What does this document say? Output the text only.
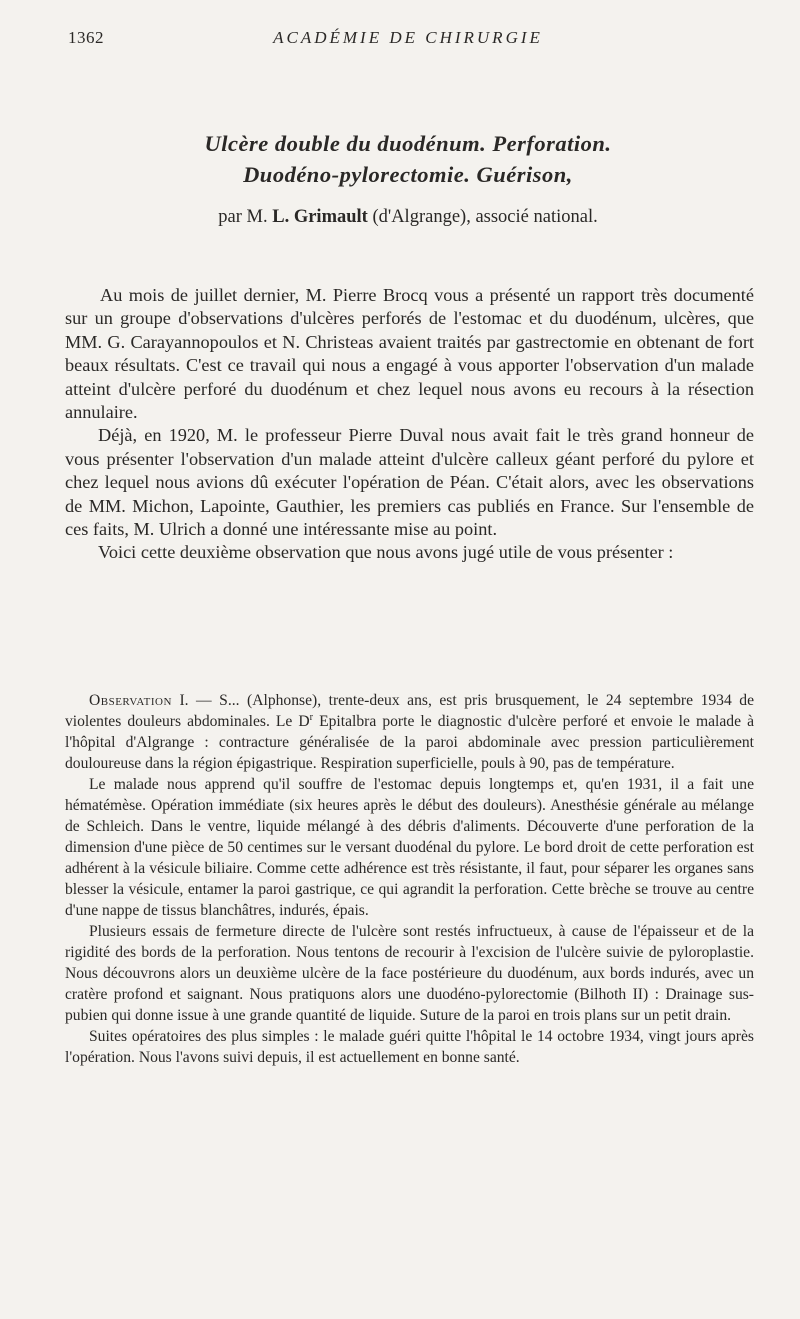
1362	ACADÉMIE DE CHIRURGIE
Ulcère double du duodénum. Perforation.
Duodéno-pylorectomie. Guérison,
par M. L. Grimault (d'Algrange), associé national.

Au mois de juillet dernier, M. Pierre Brocq vous a présenté un rapport très documenté sur un groupe d'observations d'ulcères perforés de l'estomac et du duodénum, ulcères, que MM. G. Carayannopoulos et N. Christeas avaient traités par gastrectomie en obtenant de fort beaux résultats. C'est ce travail qui nous a engagé à vous apporter l'observation d'un malade atteint d'ulcère perforé du duodénum et chez lequel nous avons eu recours à la résection annulaire.

Déjà, en 1920, M. le professeur Pierre Duval nous avait fait le très grand honneur de vous présenter l'observation d'un malade atteint d'ulcère calleux géant perforé du pylore et chez lequel nous avions dû exécuter l'opération de Péan. C'était alors, avec les observations de MM. Michon, Lapointe, Gauthier, les premiers cas publiés en France. Sur l'ensemble de ces faits, M. Ulrich a donné une intéressante mise au point.

Voici cette deuxième observation que nous avons jugé utile de vous présenter :

Observation I. — S... (Alphonse), trente-deux ans, est pris brusquement, le 24 septembre 1934 de violentes douleurs abdominales. Le $D^r$ Epitalbra porte le diagnostic d'ulcère perforé et envoie le malade à l'hôpital d'Algrange : contracture généralisée de la paroi abdominale avec pression particulièrement douloureuse dans la région épigastrique. Respiration superficielle, pouls à 90, pas de température.

Le malade nous apprend qu'il souffre de l'estomac depuis longtemps et, qu'en 1931, il a fait une hématémèse. Opération immédiate (six heures après le début des douleurs). Anesthésie générale au mélange de Schleich. Dans le ventre, liquide mélangé à des débris d'aliments. Découverte d'une perforation de la dimension d'une pièce de 50 centimes sur le versant duodénal du pylore. Le bord droit de cette perforation est adhérent à la vésicule biliaire. Comme cette adhérence est très résistante, il faut, pour séparer les organes sans blesser la vésicule, entamer la paroi gastrique, ce qui agrandit la perforation. Cette brèche se trouve au centre d'une nappe de tissus blanchâtres, indurés, épais.

Plusieurs essais de fermeture directe de l'ulcère sont restés infructueux, à cause de l'épaisseur et de la rigidité des bords de la perforation. Nous tentons de recourir à l'excision de l'ulcère suivie de pyloroplastie. Nous découvrons alors un deuxième ulcère de la face postérieure du duodénum, aux bords indurés, avec un cratère profond et saignant. Nous pratiquons alors une duodéno-pylorectomie (Bilhoth II) : Drainage sus-pubien qui donne issue à une grande quantité de liquide. Suture de la paroi en trois plans sur un petit drain.

Suites opératoires des plus simples : le malade guéri quitte l'hôpital le 14 octobre 1934, vingt jours après l'opération. Nous l'avons suivi depuis, il est actuellement en bonne santé.
